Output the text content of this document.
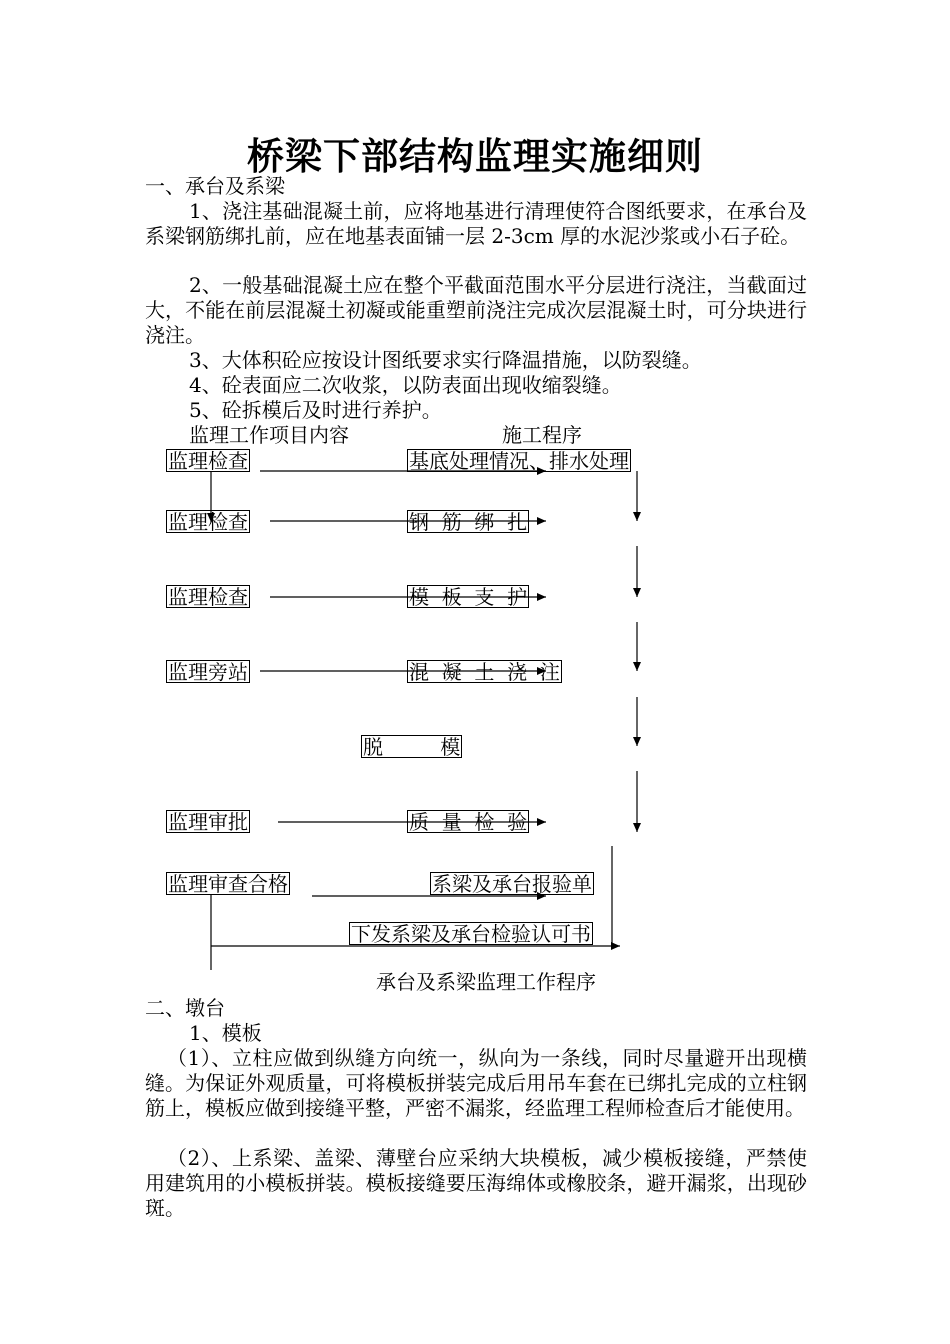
桥梁下部结构监理实施细则
一、承台及系梁
1、浇注基础混凝土前，应将地基进行清理使符合图纸要求，在承台及系梁钢筋绑扎前，应在地基表面铺一层 2-3cm 厚的水泥沙浆或小石子砼。
2、一般基础混凝土应在整个平截面范围水平分层进行浇注，当截面过大，不能在前层混凝土初凝或能重塑前浇注完成次层混凝土时，可分块进行浇注。
3、大体积砼应按设计图纸要求实行降温措施，以防裂缝。
4、砼表面应二次收浆，以防表面出现收缩裂缝。
5、砼拆模后及时进行养护。
监理工作项目内容	施工程序
监理检查
监理检查
监理检查
监理旁站
监理审批
监理审查合格
基底处理情况、排水处理
钢  筋  绑  扎
模  板  支  护
混  凝  土  浇  注
脱         模
质  量  检  验
系梁及承台报验单
下发系梁及承台检验认可书
承台及系梁监理工作程序
二、墩台
1、模板
（1）、立柱应做到纵缝方向统一，纵向为一条线，同时尽量避开出现横缝。为保证外观质量，可将模板拼装完成后用吊车套在已绑扎完成的立柱钢筋上，模板应做到接缝平整，严密不漏浆，经监理工程师检查后才能使用。
（2）、上系梁、盖梁、薄壁台应采纳大块模板，减少模板接缝，严禁使用建筑用的小模板拼装。模板接缝要压海绵体或橡胶条，避开漏浆，出现砂斑。
